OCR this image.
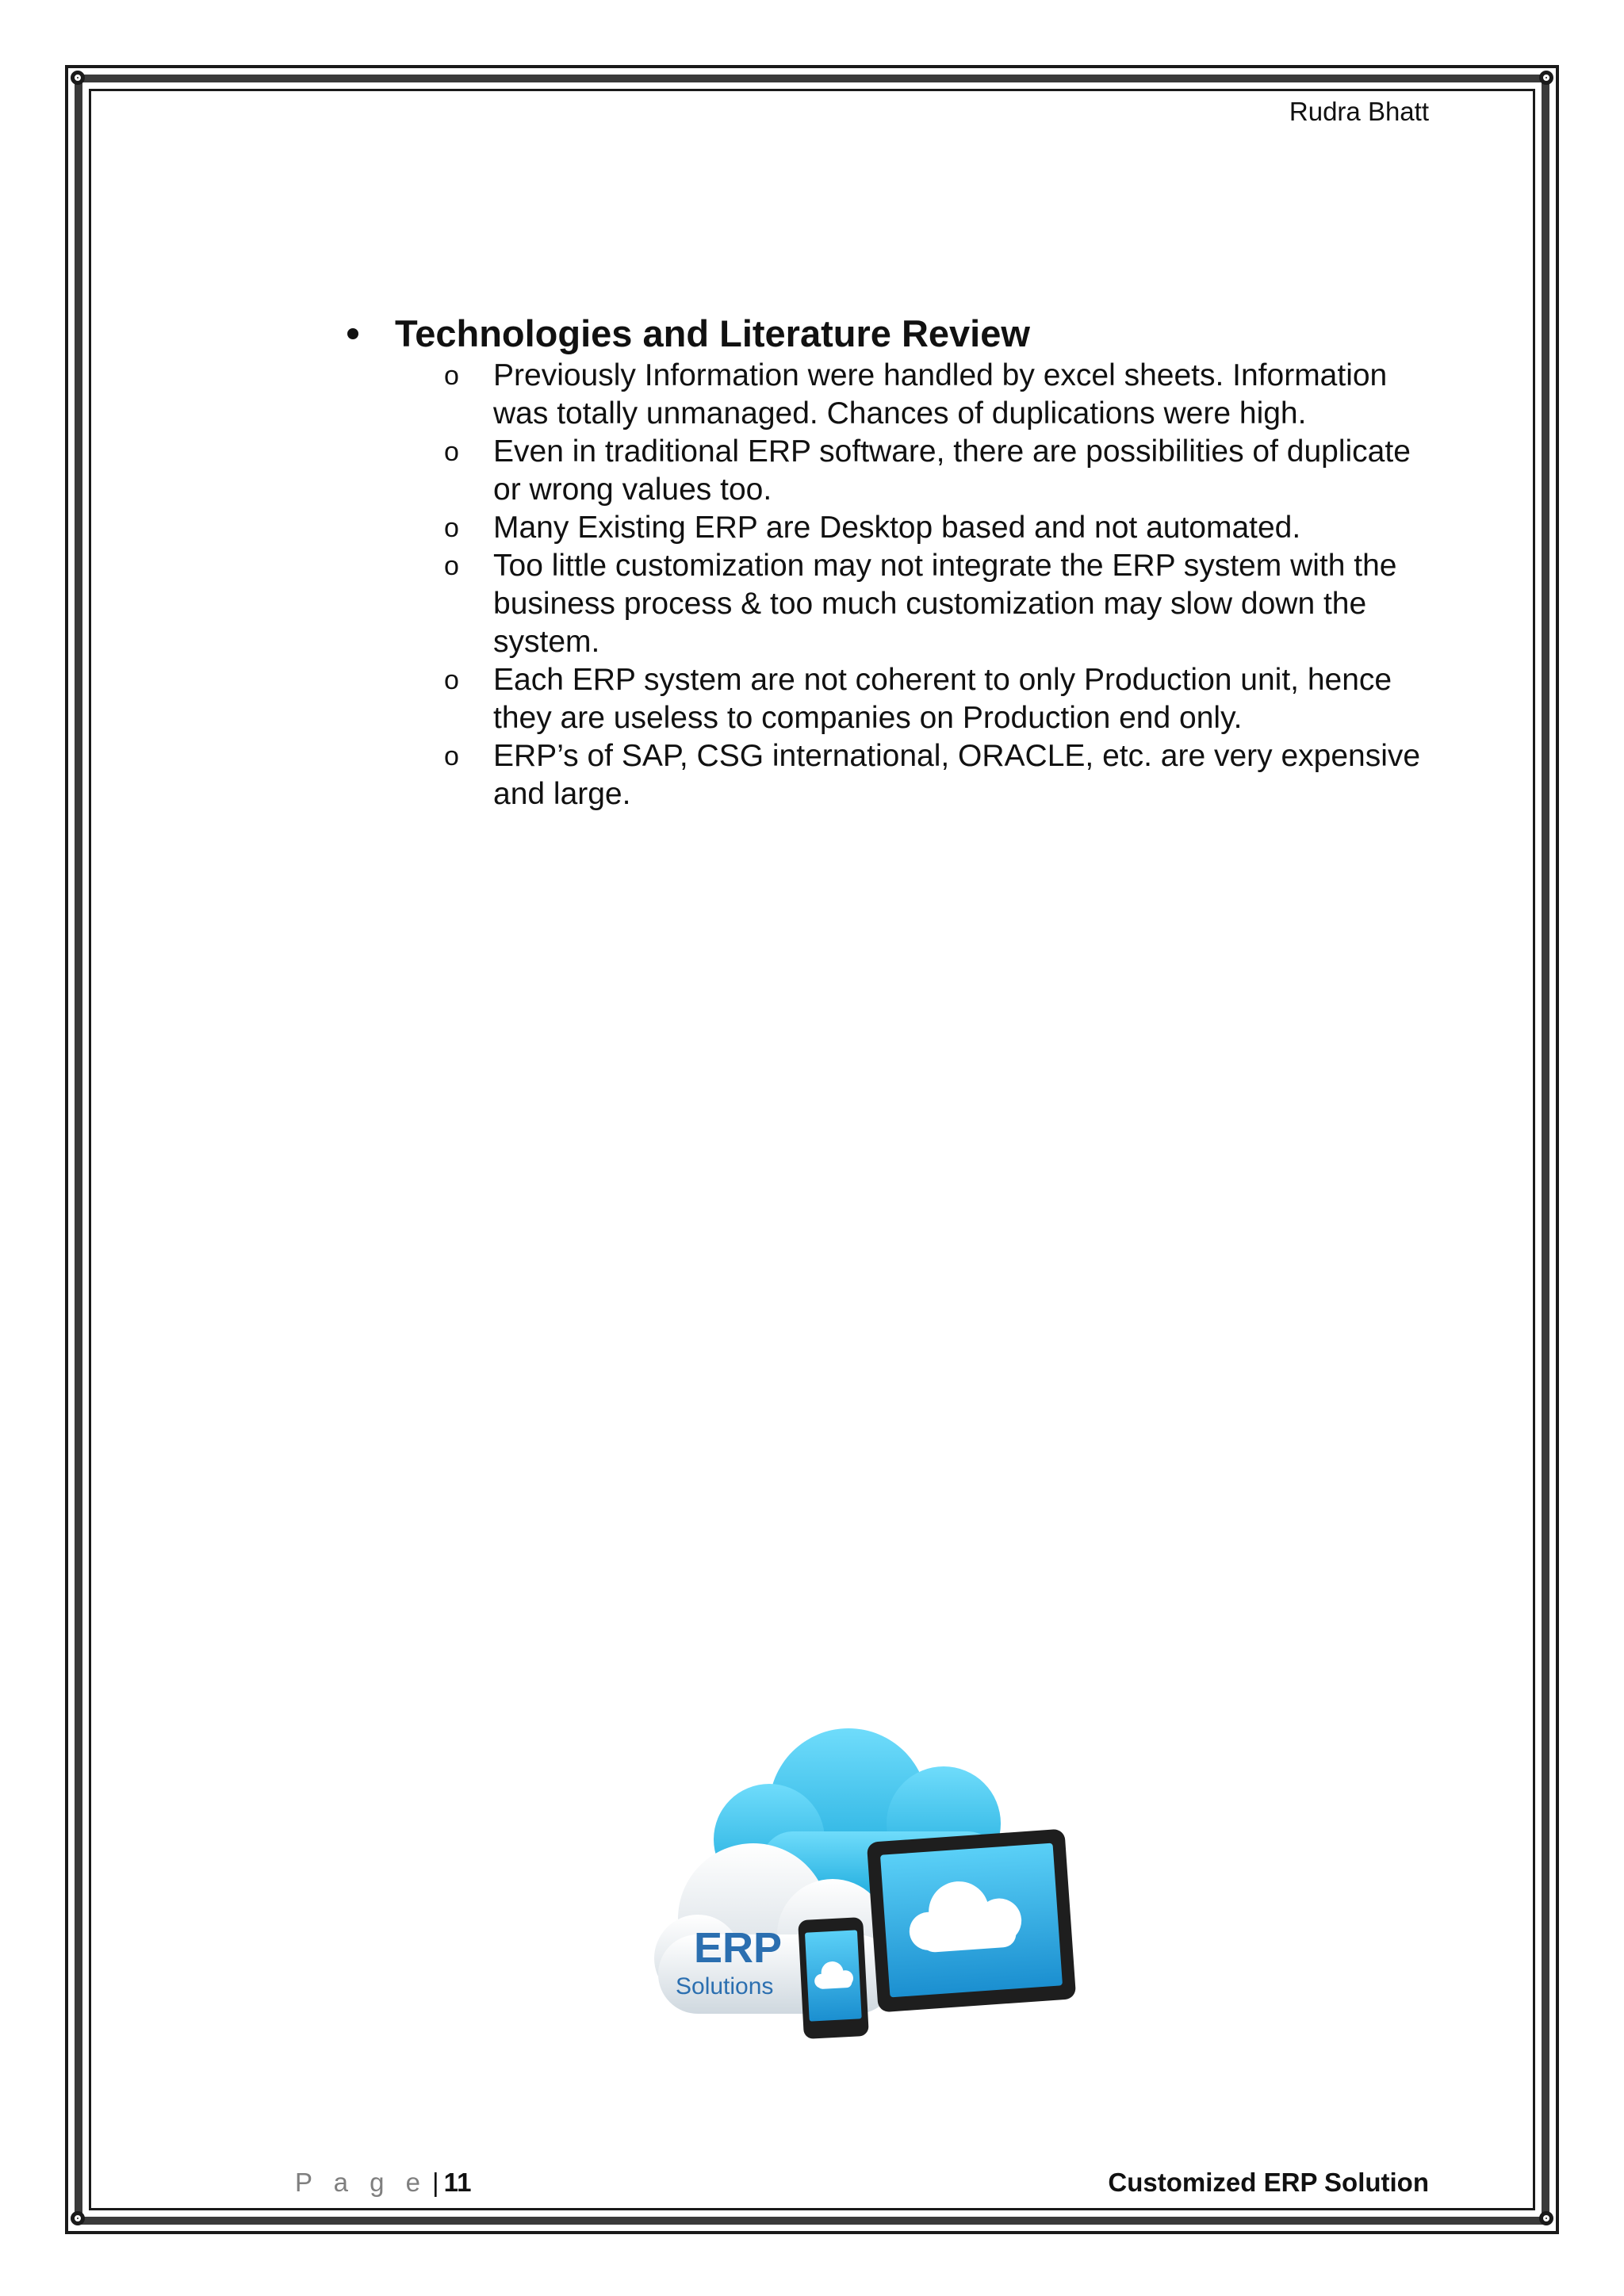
Rudra Bhatt
Technologies and Literature Review
o Previously Information were handled by excel sheets. Information was totally unmanaged. Chances of duplications were high.
o Even in traditional ERP software, there are possibilities of duplicate or wrong values too.
o Many Existing ERP are Desktop based and not automated.
o Too little customization may not integrate the ERP system with the business process & too much customization may slow down the system.
o Each ERP system are not coherent to only Production unit, hence they are useless to companies on Production end only.
o ERP’s of SAP, CSG international, ORACLE, etc. are very expensive and large.
ERP
Solutions
P a g e | 11	Customized ERP Solution
